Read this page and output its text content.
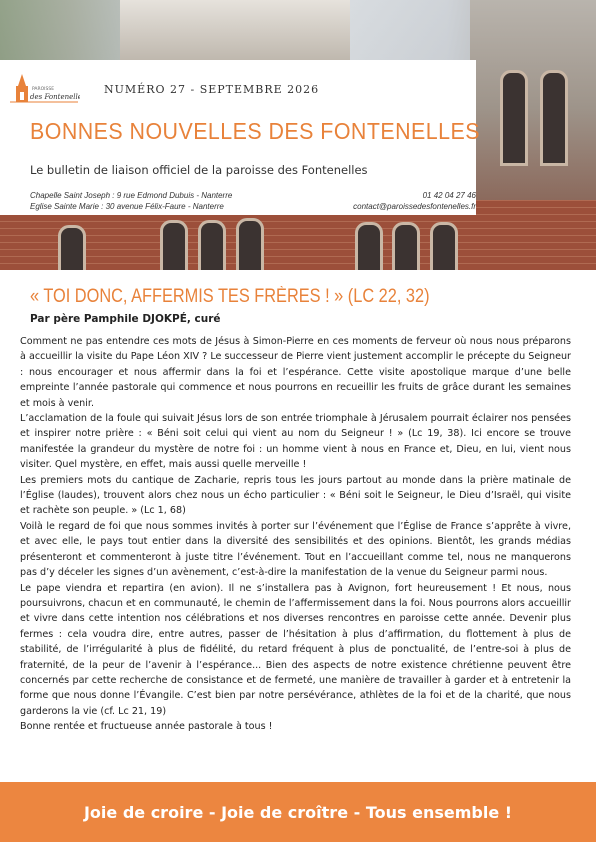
PAROISSE
des Fontenelles
NUMÉRO 27 - SEPTEMBRE 2026
BONNES NOUVELLES DES FONTENELLES
Le bulletin de liaison officiel de la paroisse des Fontenelles
Chapelle Saint Joseph : 9 rue Edmond Dubuis - Nanterre
Eglise Sainte Marie : 30 avenue Félix-Faure - Nanterre
01 42 04 27 46
contact@paroissedesfontenelles.fr
« TOI DONC, AFFERMIS TES FRÈRES ! » (LC 22, 32)
Par père Pamphile DJOKPÉ, curé

Comment ne pas entendre ces mots de Jésus à Simon-Pierre en ces moments de ferveur où nous nous préparons à accueillir la visite du Pape Léon XIV ? Le successeur de Pierre vient justement accomplir le précepte du Seigneur : nous encourager et nous affermir dans la foi et l’espérance. Cette visite apostolique marque d’une belle empreinte l’année pastorale qui commence et nous pourrons en recueillir les fruits de grâce durant les semaines et mois à venir.

L’acclamation de la foule qui suivait Jésus lors de son entrée triomphale à Jérusalem pourrait éclairer nos pensées et inspirer notre prière : « Béni soit celui qui vient au nom du Seigneur ! » (Lc 19, 38). Ici encore se trouve manifestée la grandeur du mystère de notre foi : un homme vient à nous en France et, Dieu, en lui, vient nous visiter. Quel mystère, en effet, mais aussi quelle merveille !

Les premiers mots du cantique de Zacharie, repris tous les jours partout au monde dans la prière matinale de l’Église (laudes), trouvent alors chez nous un écho particulier : « Béni soit le Seigneur, le Dieu d’Israël, qui visite et rachète son peuple. » (Lc 1, 68)

Voilà le regard de foi que nous sommes invités à porter sur l’événement que l’Église de France s’apprête à vivre, et avec elle, le pays tout entier dans la diversité des sensibilités et des opinions. Bientôt, les grands médias présenteront et commenteront à juste titre l’événement. Tout en l’accueillant comme tel, nous ne manquerons pas d’y déceler les signes d’un avènement, c’est-à-dire la manifestation de la venue du Seigneur parmi nous.

Le pape viendra et repartira (en avion). Il ne s’installera pas à Avignon, fort heureusement ! Et nous, nous poursuivrons, chacun et en communauté, le chemin de l’affermissement dans la foi. Nous pourrons alors accueillir et vivre dans cette intention nos célébrations et nos diverses rencontres en paroisse cette année. Devenir plus fermes : cela voudra dire, entre autres, passer de l’hésitation à plus d’affirmation, du flottement à plus de stabilité, de l’irrégularité à plus de fidélité, du retard fréquent à plus de ponctualité, de l’entre-soi à plus de fraternité, de la peur de l’avenir à l’espérance... Bien des aspects de notre existence chrétienne peuvent être concernés par cette recherche de consistance et de fermeté, une manière de travailler à garder et à entretenir la forme que nous donne l’Évangile. C’est bien par notre persévérance, athlètes de la foi et de la charité, que nous garderons la vie (cf. Lc 21, 19)

Bonne rentée et fructueuse année pastorale à tous !

Joie de croire - Joie de croître - Tous ensemble !
